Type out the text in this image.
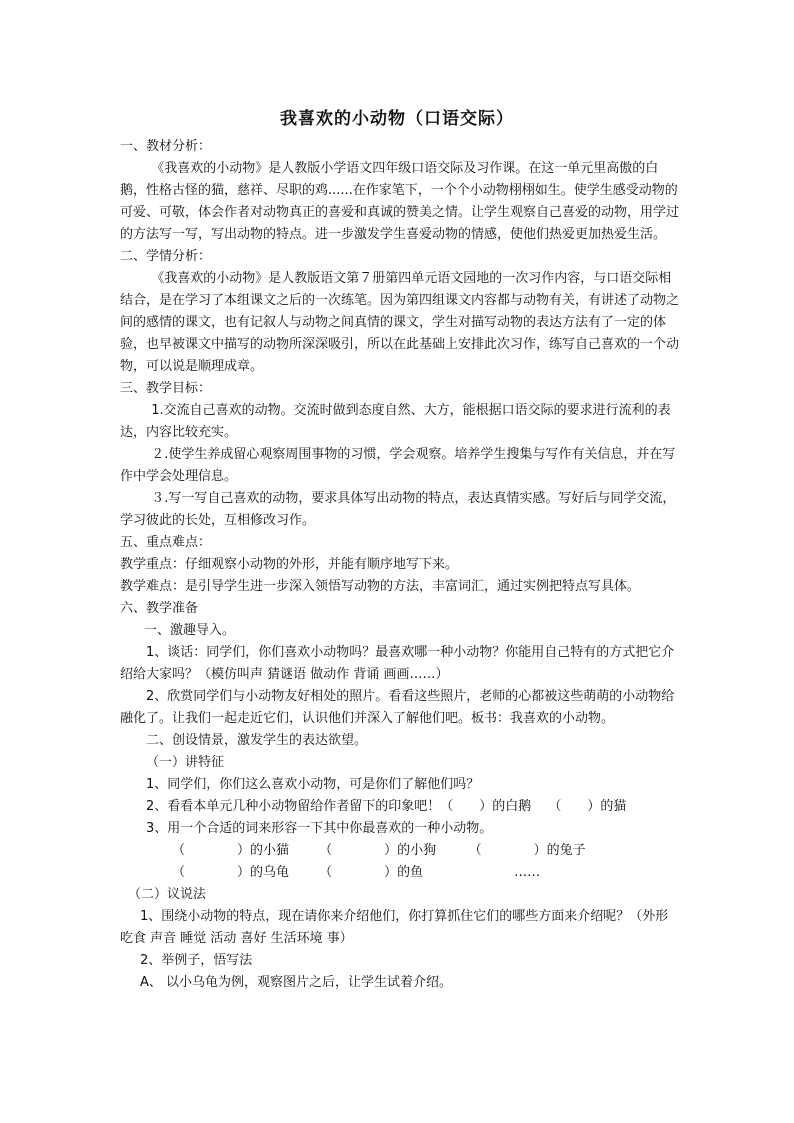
我喜欢的小动物（口语交际）

一、教材分析：

《我喜欢的小动物》是人教版小学语文四年级口语交际及习作课。在这一单元里高傲的白鹅，性格古怪的猫，慈祥、尽职的鸡......在作家笔下，一个个小动物栩栩如生。使学生感受动物的可爱、可敬，体会作者对动物真正的喜爱和真诚的赞美之情。让学生观察自己喜爱的动物，用学过的方法写一写，写出动物的特点。进一步激发学生喜爱动物的情感，使他们热爱更加热爱生活。

二、学情分析：

《我喜欢的小动物》是人教版语文第７册第四单元语文园地的一次习作内容，与口语交际相结合，是在学习了本组课文之后的一次练笔。因为第四组课文内容都与动物有关，有讲述了动物之间的感情的课文，也有记叙人与动物之间真情的课文，学生对描写动物的表达方法有了一定的体验，也早被课文中描写的动物所深深吸引，所以在此基础上安排此次习作，练写自己喜欢的一个动物，可以说是顺理成章。

三、教学目标：

1.交流自己喜欢的动物。交流时做到态度自然、大方，能根据口语交际的要求进行流利的表达，内容比较充实。

２.使学生养成留心观察周围事物的习惯，学会观察。培养学生搜集与写作有关信息，并在写作中学会处理信息。

３.写一写自己喜欢的动物，要求具体写出动物的特点，表达真情实感。写好后与同学交流，学习彼此的长处，互相修改习作。

五、重点难点：

教学重点：仔细观察小动物的外形，并能有顺序地写下来。

教学难点：是引导学生进一步深入领悟写动物的方法，丰富词汇，通过实例把特点写具体。

六、教学准备

一、激趣导入。

1、谈话：同学们，你们喜欢小动物吗？最喜欢哪一种小动物？你能用自己特有的方式把它介绍给大家吗？（模仿叫声 猜谜语 做动作 背诵 画画……）

2、欣赏同学们与小动物友好相处的照片。看看这些照片，老师的心都被这些萌萌的小动物给融化了。让我们一起走近它们，认识他们并深入了解他们吧。板书：我喜欢的小动物。

二、创设情景，激发学生的表达欲望。

（一）讲特征

1、同学们，你们这么喜欢小动物，可是你们了解他们吗？

2、看看本单元几种小动物留给作者留下的印象吧！（　　）的白鹅　 （　　）的猫

3、用一个合适的词来形容一下其中你最喜欢的一种小动物。

（　　　　）的小猫　　 （　　　　）的小狗　　　（　　　　）的兔子

（　　　　）的乌龟　　 （　　　　）的鱼　　　　　　　……

（二）议说法

1、围绕小动物的特点，现在请你来介绍他们，你打算抓住它们的哪些方面来介绍呢？（外形 吃食 声音 睡觉 活动 喜好 生活环境 事）

2、举例子，悟写法

A、 以小乌龟为例，观察图片之后，让学生试着介绍。
